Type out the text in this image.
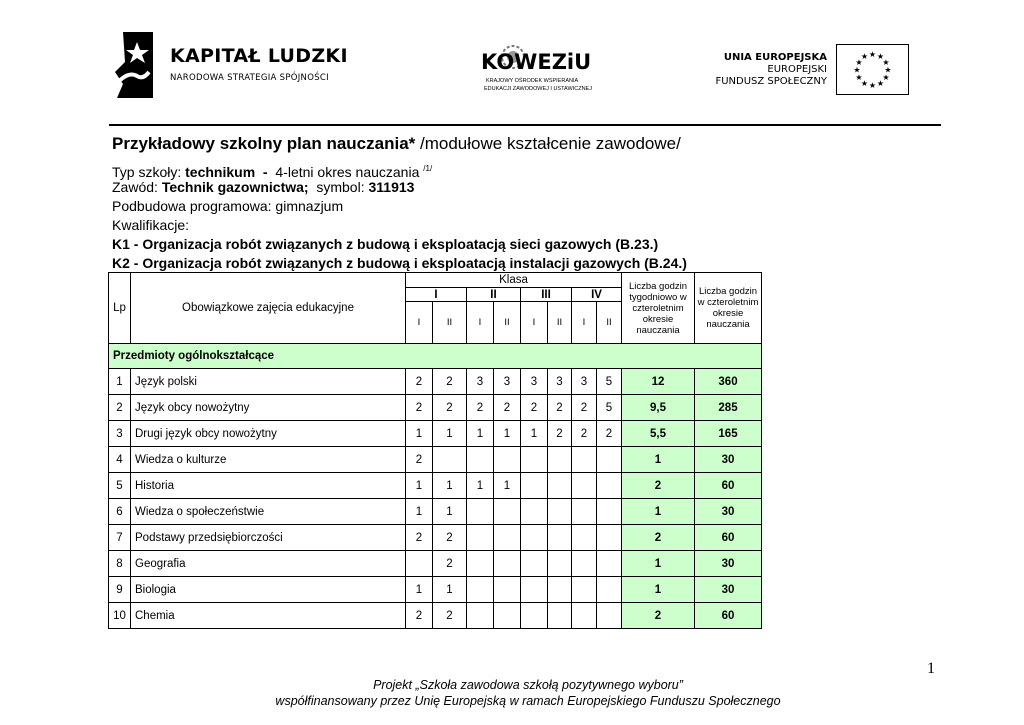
KAPITAŁ LUDZKI
NARODOWA STRATEGIA SPÓJNOŚCI
KOWEZiU
KRAJOWY OŚRODEK WSPIERANIA
EDUKACJI ZAWODOWEJ I USTAWICZNEJ
UNIA EUROPEJSKA
EUROPEJSKI
FUNDUSZ SPOŁECZNY
★ ★
★
★
★
★
★
★
★
★
★
★
Przykładowy szkolny plan nauczania* /modułowe kształcenie zawodowe/
Typ szkoły: technikum  -  4-letni okres nauczania $^{/1/}$
Zawód: Technik gazownictwa;  symbol: 311913
Podbudowa programowa: gimnazjum
Kwalifikacje:
K1 - Organizacja robót związanych z budową i eksploatacją sieci gazowych (B.23.)
K2 - Organizacja robót związanych z budową i eksploatacją instalacji gazowych (B.24.)
Lp	Obowiązkowe zajęcia edukacyjne	Klasa								Liczba godzin tygodniowo w czteroletnim okresie nauczania	Liczba godzin w czteroletnim okresie nauczania
		I		II		III		IV			
		I	II	I	II	I	II	I	II		
Przedmioty ogólnokształcące											
1	Język polski	2	2	3	3	3	3	3	5	12	360
2	Język obcy nowożytny	2	2	2	2	2	2	2	5	9,5	285
3	Drugi język obcy nowożytny	1	1	1	1	1	2	2	2	5,5	165
4	Wiedza o kulturze	2								1	30
5	Historia	1	1	1	1					2	60
6	Wiedza o społeczeństwie	1	1							1	30
7	Podstawy przedsiębiorczości	2	2							2	60
8	Geografia		2							1	30
9	Biologia	1	1							1	30
10	Chemia	2	2							2	60
1
Projekt „Szkoła zawodowa szkołą pozytywnego wyboru”
współfinansowany przez Unię Europejską w ramach Europejskiego Funduszu Społecznego
